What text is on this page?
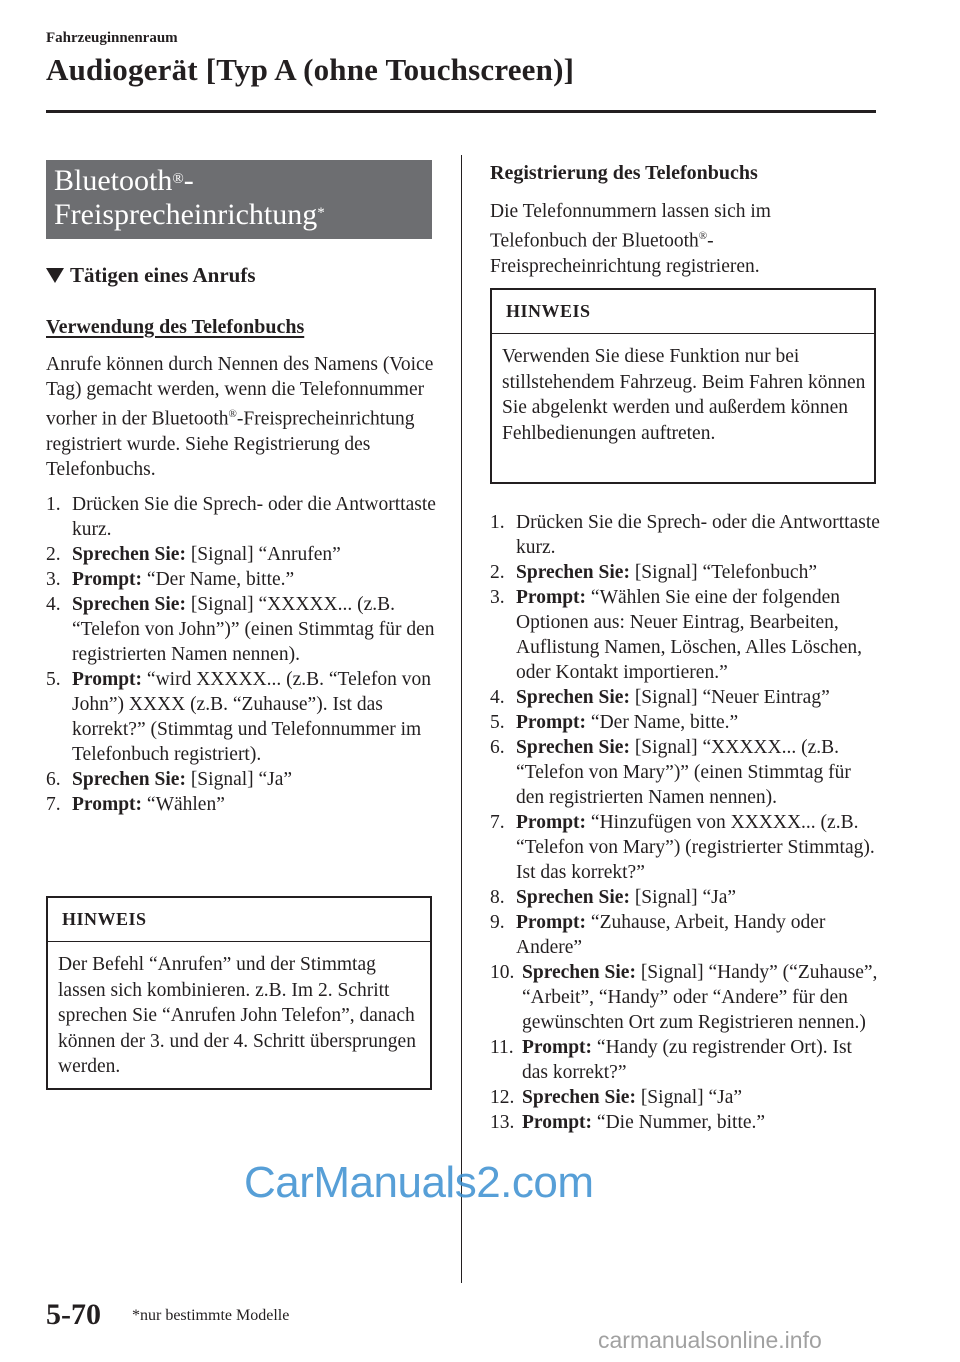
Fahrzeuginnenraum
Audiogerät [Typ A (ohne Touchscreen)]
Bluetooth®-
Freisprecheinrichtung*
Tätigen eines Anrufs
Verwendung des Telefonbuchs
Anrufe können durch Nennen des Namens (Voice Tag) gemacht werden, wenn die Telefonnummer vorher in der Bluetooth®-Freisprecheinrichtung registriert wurde. Siehe Registrierung des Telefonbuchs.
1. Drücken Sie die Sprech- oder die Antworttaste kurz.
2. Sprechen Sie: [Signal] “Anrufen”
3. Prompt: “Der Name, bitte.”
4. Sprechen Sie: [Signal] “XXXXX... (z.B. “Telefon von John”)” (einen Stimmtag für den registrierten Namen nennen).
5. Prompt: “wird XXXXX... (z.B. “Telefon von John”) XXXX (z.B. “Zuhause”). Ist das korrekt?” (Stimmtag und Telefonnummer im Telefonbuch registriert).
6. Sprechen Sie: [Signal] “Ja”
7. Prompt: “Wählen”
HINWEIS
Der Befehl “Anrufen” und der Stimmtag lassen sich kombinieren. z.B. Im 2. Schritt sprechen Sie “Anrufen John Telefon”, danach können der 3. und der 4. Schritt übersprungen werden.
Registrierung des Telefonbuchs
Die Telefonnummern lassen sich im Telefonbuch der Bluetooth®-Freisprecheinrichtung registrieren.
HINWEIS
Verwenden Sie diese Funktion nur bei stillstehendem Fahrzeug. Beim Fahren können Sie abgelenkt werden und außerdem können Fehlbedienungen auftreten.
1. Drücken Sie die Sprech- oder die Antworttaste kurz.
2. Sprechen Sie: [Signal] “Telefonbuch”
3. Prompt: “Wählen Sie eine der folgenden Optionen aus: Neuer Eintrag, Bearbeiten, Auflistung Namen, Löschen, Alles Löschen, oder Kontakt importieren.”
4. Sprechen Sie: [Signal] “Neuer Eintrag”
5. Prompt: “Der Name, bitte.”
6. Sprechen Sie: [Signal] “XXXXX... (z.B. “Telefon von Mary”)” (einen Stimmtag für den registrierten Namen nennen).
7. Prompt: “Hinzufügen von XXXXX... (z.B. “Telefon von Mary”) (registrierter Stimmtag). Ist das korrekt?”
8. Sprechen Sie: [Signal] “Ja”
9. Prompt: “Zuhause, Arbeit, Handy oder Andere”
10. Sprechen Sie: [Signal] “Handy” (“Zuhause”, “Arbeit”, “Handy” oder “Andere” für den gewünschten Ort zum Registrieren nennen.)
11. Prompt: “Handy (zu registrender Ort). Ist das korrekt?”
12. Sprechen Sie: [Signal] “Ja”
13. Prompt: “Die Nummer, bitte.”
5-70 *nur bestimmte Modelle
CarManuals2.com
carmanualsonline.info
